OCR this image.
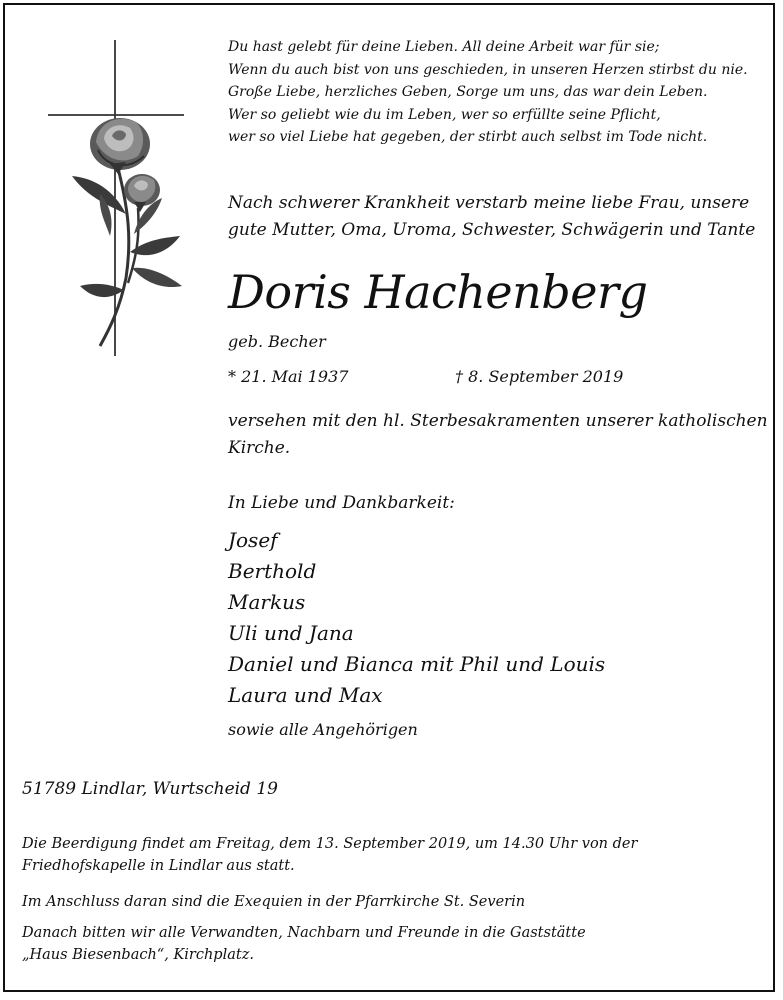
Du hast gelebt für deine Lieben. All deine Arbeit war für sie;
Wenn du auch bist von uns geschieden, in unseren Herzen stirbst du nie.
Große Liebe, herzliches Geben, Sorge um uns, das war dein Leben.
Wer so geliebt wie du im Leben, wer so erfüllte seine Pflicht,
wer so viel Liebe hat gegeben, der stirbt auch selbst im Tode nicht.
Nach schwerer Krankheit verstarb meine liebe Frau, unsere
gute Mutter, Oma, Uroma, Schwester, Schwägerin und Tante
Doris Hachenberg
geb. Becher
* 21. Mai 1937	† 8. September 2019
versehen mit den hl. Sterbesakramenten unserer katholischen
Kirche.
In Liebe und Dankbarkeit:
Josef
Berthold
Markus
Uli und Jana
Daniel und Bianca mit Phil und Louis
Laura und Max
sowie alle Angehörigen
51789 Lindlar, Wurtscheid 19
Die Beerdigung findet am Freitag, dem 13. September 2019, um 14.30 Uhr von der
Friedhofskapelle in Lindlar aus statt.
Im Anschluss daran sind die Exequien in der Pfarrkirche St. Severin
Danach bitten wir alle Verwandten, Nachbarn und Freunde in die Gaststätte
„Haus Biesenbach“, Kirchplatz.
